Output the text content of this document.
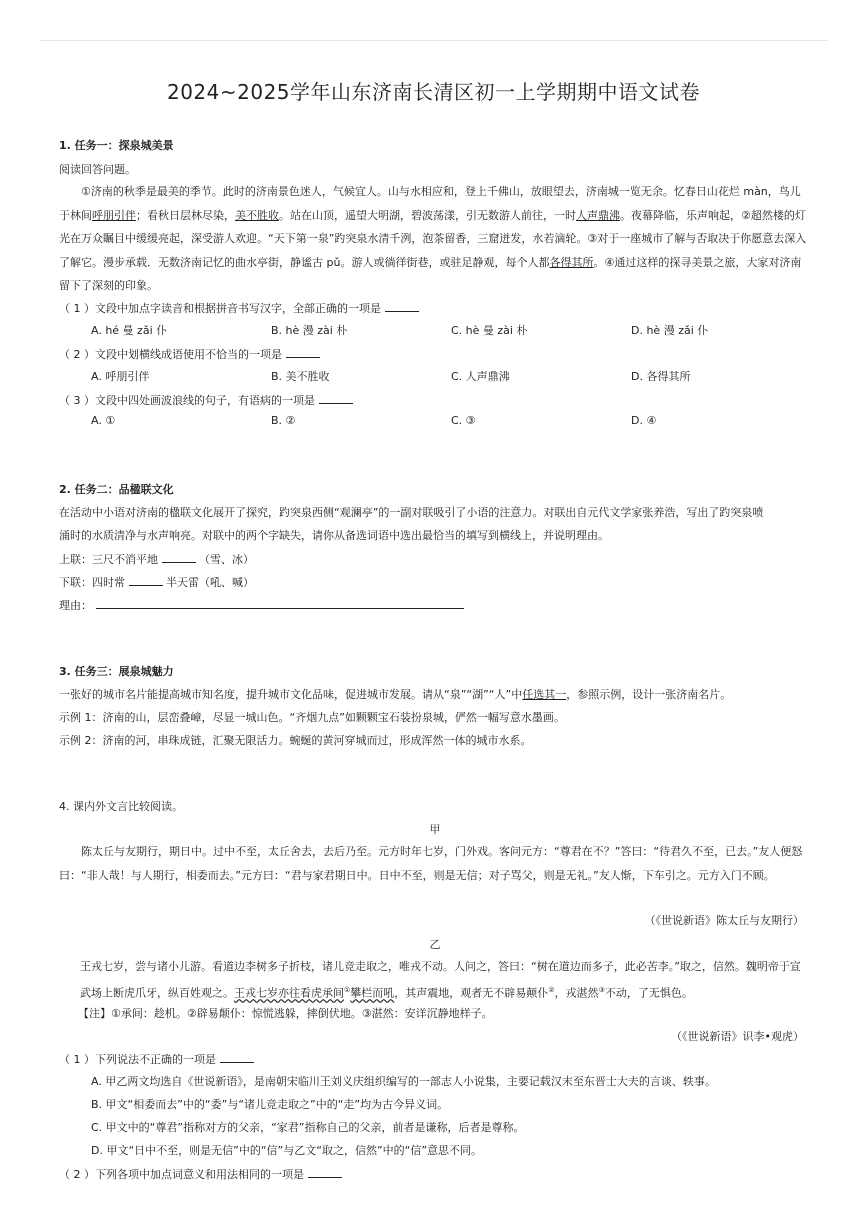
2024~2025学年山东济南长清区初一上学期期中语文试卷
1. 任务一：探泉城美景
阅读回答问题。
①济南的秋季是最美的季节。此时的济南景色迷人，气候宜人。山与水相应和，登上千佛山，放眼望去，济南城一览无余。忆春日山花烂 màn，鸟儿于林间呼朋引伴；看秋日层林尽染，美不胜收。站在山顶，遥望大明湖，碧波荡漾，引无数游人前往，一时人声鼎沸。夜幕降临，乐声响起，②超然楼的灯光在万众瞩目中缓缓亮起，深受游人欢迎。“天下第一泉”趵突泉水清千洌，泡茶留香，三窟迸发，水若滴轮。③对于一座城市了解与否取决于你愿意去深入了解它。漫步承载．无数济南记忆的曲水亭街，静谧古 pǔ。游人或徜徉街巷，或驻足静观，每个人都各得其所。④通过这样的探寻美景之旅，大家对济南留下了深刻的印象。
（ 1 ）文段中加点字读音和根据拼音书写汉字，全部正确的一项是
A. hé 曼 zǎi 仆	B. hè 漫 zài 朴	C. hè 曼 zài 朴	D. hè 漫 zǎi 仆
（ 2 ）文段中划横线成语使用不恰当的一项是
A. 呼朋引伴	B. 美不胜收	C. 人声鼎沸	D. 各得其所
（ 3 ）文段中四处画波浪线的句子，有语病的一项是
A. ①	B. ②	C. ③	D. ④
2. 任务二：品楹联文化
在活动中小语对济南的楹联文化展开了探究，趵突泉西侧“观澜亭”的一副对联吸引了小语的注意力。对联出自元代文学家张养浩，写出了趵突泉喷
涌时的水质清净与水声响亮。对联中的两个字缺失，请你从备选词语中选出最恰当的填写到横线上，并说明理由。
上联：三尺不消平地	（雪、冰）
下联：四时常	半天雷（吼、喊）
理由：
3. 任务三：展泉城魅力
一张好的城市名片能提高城市知名度，提升城市文化品味，促进城市发展。请从“泉”“湖”“人”中任选其一，参照示例，设计一张济南名片。
示例 1：济南的山，层峦叠嶂，尽显一城山色。“齐烟九点”如颗颗宝石装扮泉城，俨然一幅写意水墨画。
示例 2：济南的河，串珠成链，汇聚无限活力。蜿蜒的黄河穿城而过，形成浑然一体的城市水系。
4. 课内外文言比较阅读。
甲
陈太丘与友期行，期日中。过中不至，太丘舍去，去后乃至。元方时年七岁，门外戏。客问元方：“尊君在不？”答曰：“待君久不至，已去。”友人便怒曰：“非人哉！与人期行，相委而去。”元方曰：“君与家君期日中。日中不至，则是无信；对子骂父，则是无礼。”友人惭，下车引之。元方入门不顾。
（《世说新语》陈太丘与友期行）
乙
王戎七岁，尝与诸小儿游。看道边李树多子折枝，诸儿竞走取之，唯戎不动。人问之，答曰：“树在道边而多子，此必苦李。”取之，信然。魏明帝于宣武场上断虎爪牙，纵百姓观之。王戎七岁亦往看虎承间①攀栏而吼，其声震地，观者无不辟易颠仆②，戎湛然③不动，了无惧色。
【注】①承间：趁机。②辟易颠仆：惊慌逃躲，摔倒伏地。③湛然：安详沉静地样子。
（《世说新语》识李•观虎）
（ 1 ）下列说法不正确的一项是
A. 甲乙两文均选自《世说新语》，是南朝宋临川王刘义庆组织编写的一部志人小说集，主要记载汉末至东晋士大夫的言谈、轶事。
B. 甲文“相委而去”中的“委”与“诸儿竞走取之”中的“走”均为古今异义词。
C. 甲文中的“尊君”指称对方的父亲，“家君”指称自己的父亲，前者是谦称，后者是尊称。
D. 甲文“日中不至，则是无信”中的“信”与乙文“取之，信然”中的“信”意思不同。
（ 2 ）下列各项中加点词意义和用法相同的一项是
